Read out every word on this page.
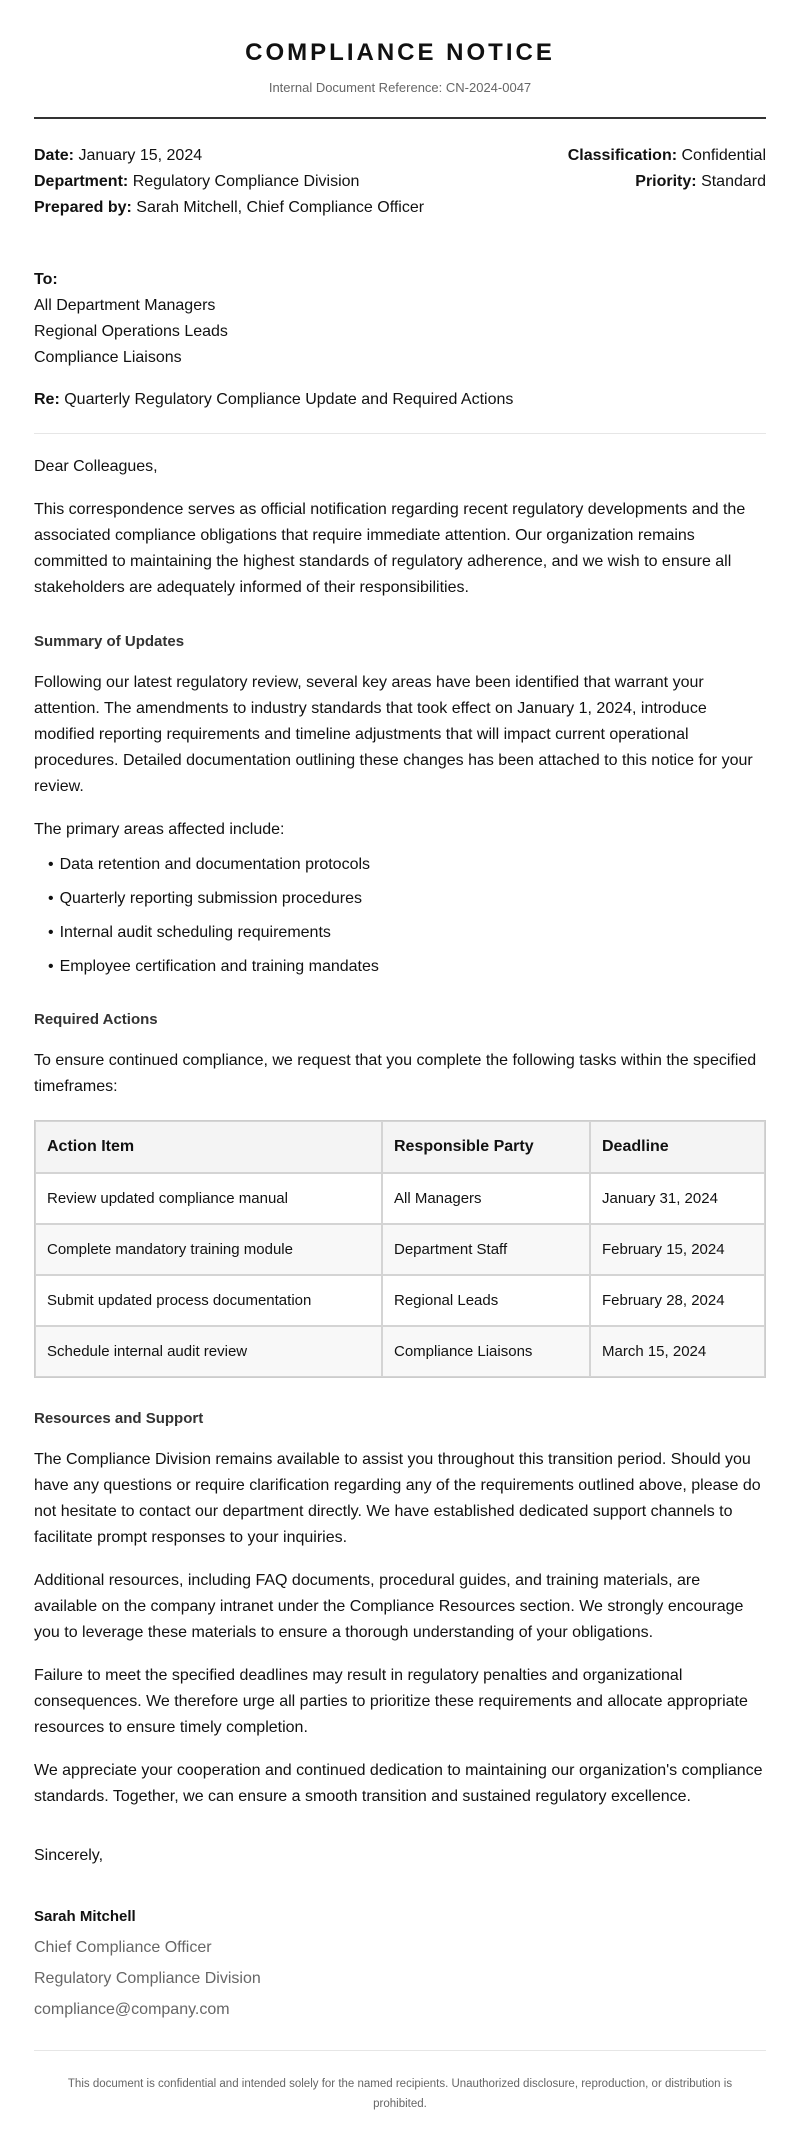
COMPLIANCE NOTICE
Internal Document Reference: CN-2024-0047
Date: January 15, 2024
Department: Regulatory Compliance Division
Prepared by: Sarah Mitchell, Chief Compliance Officer
Classification: Confidential
Priority: Standard
To:
All Department Managers
Regional Operations Leads
Compliance Liaisons
Re: Quarterly Regulatory Compliance Update and Required Actions
Dear Colleagues,

This correspondence serves as official notification regarding recent regulatory developments and the associated compliance obligations that require immediate attention. Our organization remains committed to maintaining the highest standards of regulatory adherence, and we wish to ensure all stakeholders are adequately informed of their responsibilities.

Summary of Updates

Following our latest regulatory review, several key areas have been identified that warrant your attention. The amendments to industry standards that took effect on January 1, 2024, introduce modified reporting requirements and timeline adjustments that will impact current operational procedures. Detailed documentation outlining these changes has been attached to this notice for your review.

The primary areas affected include:

• Data retention and documentation protocols
• Quarterly reporting submission procedures
• Internal audit scheduling requirements
• Employee certification and training mandates
Required Actions

To ensure continued compliance, we request that you complete the following tasks within the specified timeframes:

Action Item	Responsible Party	Deadline
Review updated compliance manual	All Managers	January 31, 2024
Complete mandatory training module	Department Staff	February 15, 2024
Submit updated process documentation	Regional Leads	February 28, 2024
Schedule internal audit review	Compliance Liaisons	March 15, 2024
Resources and Support

The Compliance Division remains available to assist you throughout this transition period. Should you have any questions or require clarification regarding any of the requirements outlined above, please do not hesitate to contact our department directly. We have established dedicated support channels to facilitate prompt responses to your inquiries.

Additional resources, including FAQ documents, procedural guides, and training materials, are available on the company intranet under the Compliance Resources section. We strongly encourage you to leverage these materials to ensure a thorough understanding of your obligations.

Failure to meet the specified deadlines may result in regulatory penalties and organizational consequences. We therefore urge all parties to prioritize these requirements and allocate appropriate resources to ensure timely completion.

We appreciate your cooperation and continued dedication to maintaining our organization's compliance standards. Together, we can ensure a smooth transition and sustained regulatory excellence.

Sincerely,
Sarah Mitchell
Chief Compliance Officer
Regulatory Compliance Division
compliance@company.com
This document is confidential and intended solely for the named recipients. Unauthorized disclosure, reproduction, or distribution is prohibited.
